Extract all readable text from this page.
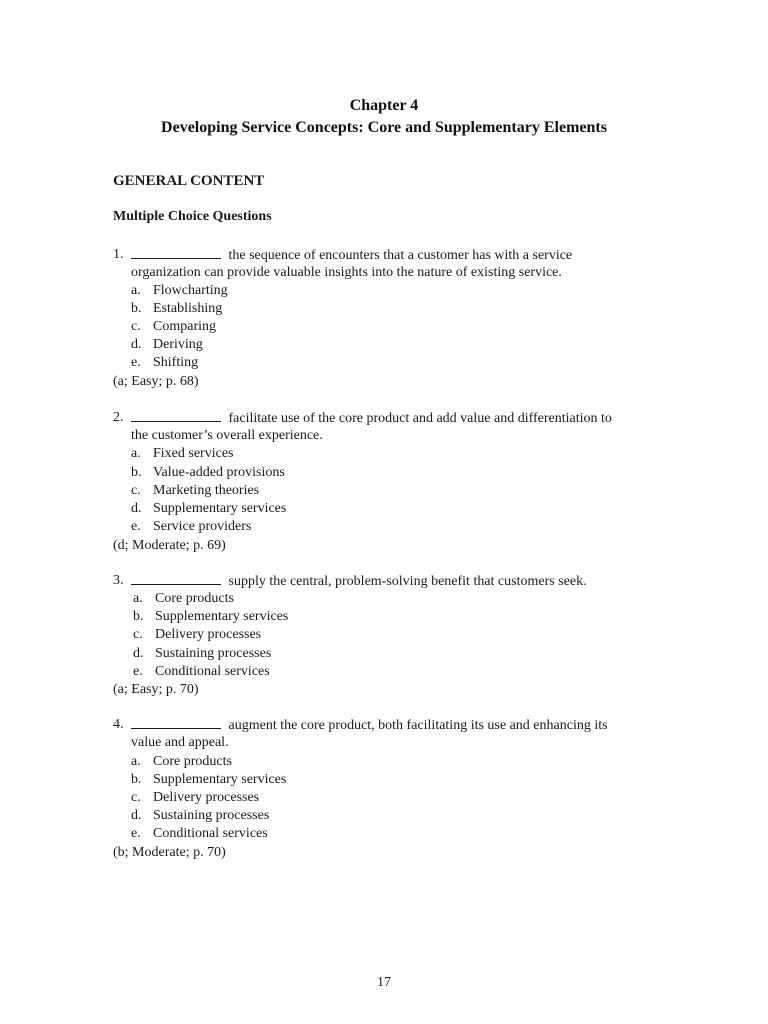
Chapter 4
Developing Service Concepts: Core and Supplementary Elements
GENERAL CONTENT
Multiple Choice Questions
1.	the sequence of encounters that a customer has with a service
organization can provide valuable insights into the nature of existing service.
a. Flowcharting
b. Establishing
c. Comparing
d. Deriving
e. Shifting
(a; Easy; p. 68)
2.	facilitate use of the core product and add value and differentiation to
the customer’s overall experience.
a. Fixed services
b. Value-added provisions
c. Marketing theories
d. Supplementary services
e. Service providers
(d; Moderate; p. 69)
3.	supply the central, problem-solving benefit that customers seek.
a. Core products
b. Supplementary services
c. Delivery processes
d. Sustaining processes
e. Conditional services
(a; Easy; p. 70)
4.	augment the core product, both facilitating its use and enhancing its
value and appeal.
a. Core products
b. Supplementary services
c. Delivery processes
d. Sustaining processes
e. Conditional services
(b; Moderate; p. 70)
17
